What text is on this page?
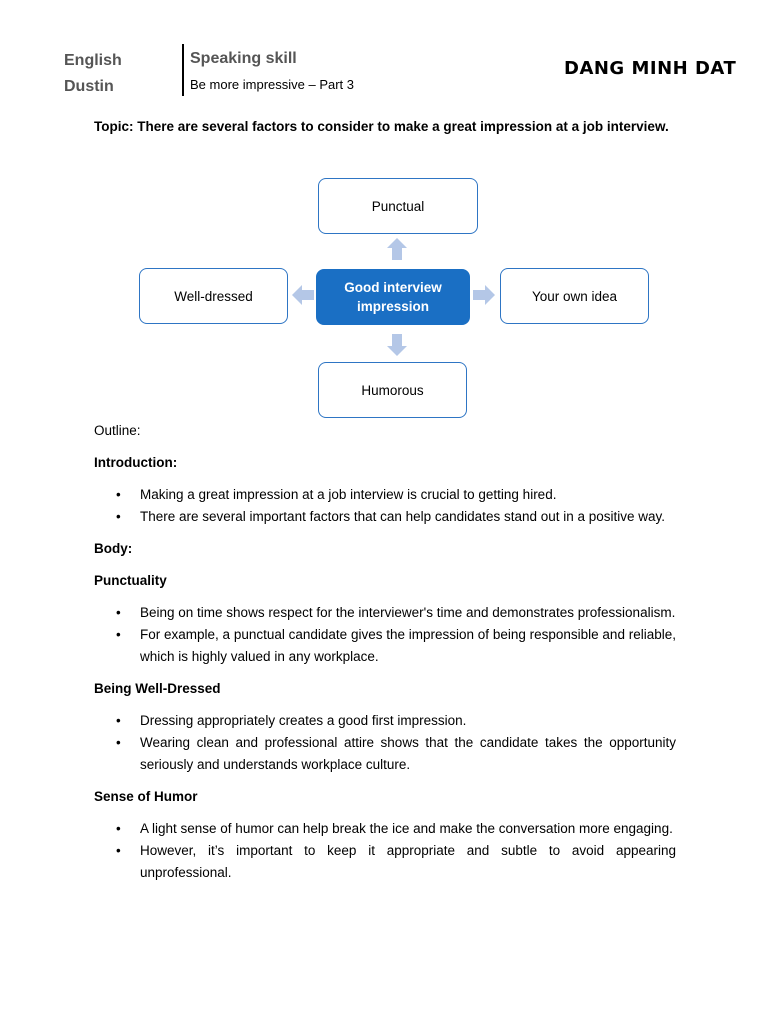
English
Dustin
Speaking skill
Be more impressive – Part 3
DANG MINH DAT
Topic: There are several factors to consider to make a great impression at a job interview.
Punctual
Well-dressed
Good interview
impression
Your own idea
Humorous

Outline:

Introduction:

• Making a great impression at a job interview is crucial to getting hired.
• There are several important factors that can help candidates stand out in a positive way.

Body:

Punctuality

• Being on time shows respect for the interviewer's time and demonstrates professionalism.
• For example, a punctual candidate gives the impression of being responsible and reliable, which is highly valued in any workplace.

Being Well-Dressed

• Dressing appropriately creates a good first impression.
• Wearing clean and professional attire shows that the candidate takes the opportunity seriously and understands workplace culture.

Sense of Humor

• A light sense of humor can help break the ice and make the conversation more engaging.
• However, it’s important to keep it appropriate and subtle to avoid appearing unprofessional.
